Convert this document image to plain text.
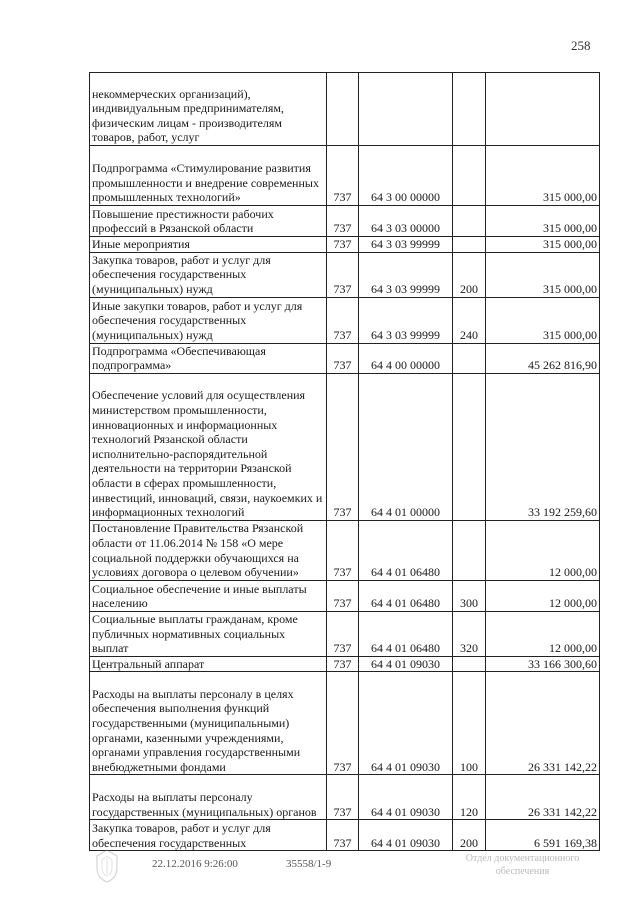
258
некоммерческих организаций), индивидуальным предпринимателям, физическим лицам - производителям товаров, работ, услуг				
Подпрограмма «Стимулирование развития промышленности и внедрение современных промышленных технологий»	737	64 3 00 00000		315 000,00
Повышение престижности рабочих профессий в Рязанской области	737	64 3 03 00000		315 000,00
Иные мероприятия	737	64 3 03 99999		315 000,00
Закупка товаров, работ и услуг для обеспечения государственных (муниципальных) нужд	737	64 3 03 99999	200	315 000,00
Иные закупки товаров, работ и услуг для обеспечения государственных (муниципальных) нужд	737	64 3 03 99999	240	315 000,00
Подпрограмма «Обеспечивающая подпрограмма»	737	64 4 00 00000		45 262 816,90
Обеспечение условий для осуществления министерством промышленности, инновационных и информационных технологий Рязанской области исполнительно-распорядительной деятельности на территории Рязанской области в сферах промышленности, инвестиций, инноваций, связи, наукоемких и информационных технологий	737	64 4 01 00000		33 192 259,60
Постановление Правительства Рязанской области от 11.06.2014 № 158 «О мере социальной поддержки обучающихся на условиях договора о целевом обучении»	737	64 4 01 06480		12 000,00
Социальное обеспечение и иные выплаты населению	737	64 4 01 06480	300	12 000,00
Социальные выплаты гражданам, кроме публичных нормативных социальных выплат	737	64 4 01 06480	320	12 000,00
Центральный аппарат	737	64 4 01 09030		33 166 300,60
Расходы на выплаты персоналу в целях обеспечения выполнения функций государственными (муниципальными) органами, казенными учреждениями, органами управления государственными внебюджетными фондами	737	64 4 01 09030	100	26 331 142,22
Расходы на выплаты персоналу государственных (муниципальных) органов	737	64 4 01 09030	120	26 331 142,22
Закупка товаров, работ и услуг для обеспечения государственных	737	64 4 01 09030	200	6 591 169,38
22.12.2016 9:26:00	35558/1-9	Отдел документационного обеспечения
